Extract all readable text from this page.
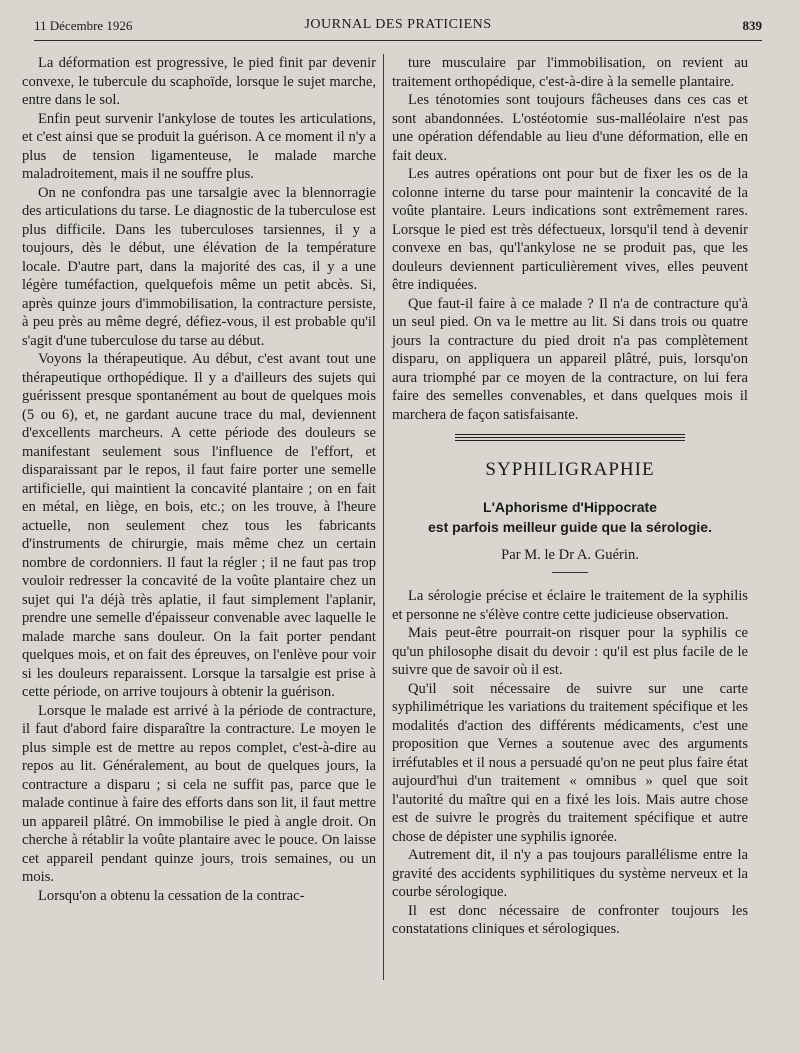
11 Décembre 1926	JOURNAL DES PRATICIENS	839

La déformation est progressive, le pied finit par devenir convexe, le tubercule du scaphoïde, lorsque le sujet marche, entre dans le sol.

Enfin peut survenir l'ankylose de toutes les articulations, et c'est ainsi que se produit la guérison. A ce moment il n'y a plus de tension ligamenteuse, le malade marche maladroitement, mais il ne souffre plus.

On ne confondra pas une tarsalgie avec la blennorragie des articulations du tarse. Le diagnostic de la tuberculose est plus difficile. Dans les tuberculoses tarsiennes, il y a toujours, dès le début, une élévation de la température locale. D'autre part, dans la majorité des cas, il y a une légère tuméfaction, quelquefois même un petit abcès. Si, après quinze jours d'immobilisation, la contracture persiste, à peu près au même degré, défiez-vous, il est probable qu'il s'agit d'une tuberculose du tarse au début.

Voyons la thérapeutique. Au début, c'est avant tout une thérapeutique orthopédique. Il y a d'ailleurs des sujets qui guérissent presque spontanément au bout de quelques mois (5 ou 6), et, ne gardant aucune trace du mal, deviennent d'excellents marcheurs. A cette période des douleurs se manifestant seulement sous l'influence de l'effort, et disparaissant par le repos, il faut faire porter une semelle artificielle, qui maintient la concavité plantaire ; on en fait en métal, en liège, en bois, etc.; on les trouve, à l'heure actuelle, non seulement chez tous les fabricants d'instruments de chirurgie, mais même chez un certain nombre de cordonniers. Il faut la régler ; il ne faut pas trop vouloir redresser la concavité de la voûte plantaire chez un sujet qui l'a déjà très aplatie, il faut simplement l'aplanir, prendre une semelle d'épaisseur convenable avec laquelle le malade marche sans douleur. On la fait porter pendant quelques mois, et on fait des épreuves, on l'enlève pour voir si les douleurs reparaissent. Lorsque la tarsalgie est prise à cette période, on arrive toujours à obtenir la guérison.

Lorsque le malade est arrivé à la période de contracture, il faut d'abord faire disparaître la contracture. Le moyen le plus simple est de mettre au repos complet, c'est-à-dire au repos au lit. Généralement, au bout de quelques jours, la contracture a disparu ; si cela ne suffit pas, parce que le malade continue à faire des efforts dans son lit, il faut mettre un appareil plâtré. On immobilise le pied à angle droit. On cherche à rétablir la voûte plantaire avec le pouce. On laisse cet appareil pendant quinze jours, trois semaines, ou un mois.

Lorsqu'on a obtenu la cessation de la contrac-

ture musculaire par l'immobilisation, on revient au traitement orthopédique, c'est-à-dire à la semelle plantaire.

Les ténotomies sont toujours fâcheuses dans ces cas et sont abandonnées. L'ostéotomie sus-malléolaire n'est pas une opération défendable au lieu d'une déformation, elle en fait deux.

Les autres opérations ont pour but de fixer les os de la colonne interne du tarse pour maintenir la concavité de la voûte plantaire. Leurs indications sont extrêmement rares. Lorsque le pied est très défectueux, lorsqu'il tend à devenir convexe en bas, qu'l'ankylose ne se produit pas, que les douleurs deviennent particulièrement vives, elles peuvent être indiquées.

Que faut-il faire à ce malade ? Il n'a de contracture qu'à un seul pied. On va le mettre au lit. Si dans trois ou quatre jours la contracture du pied droit n'a pas complètement disparu, on appliquera un appareil plâtré, puis, lorsqu'on aura triomphé par ce moyen de la contracture, on lui fera faire des semelles convenables, et dans quelques mois il marchera de façon satisfaisante.

SYPHILIGRAPHIE
L'Aphorisme d'Hippocrate
est parfois meilleur guide que la sérologie.
Par M. le Dr A. Guérin.

La sérologie précise et éclaire le traitement de la syphilis et personne ne s'élève contre cette judicieuse observation.

Mais peut-être pourrait-on risquer pour la syphilis ce qu'un philosophe disait du devoir : qu'il est plus facile de le suivre que de savoir où il est.

Qu'il soit nécessaire de suivre sur une carte syphilimétrique les variations du traitement spécifique et les modalités d'action des différents médicaments, c'est une proposition que Vernes a soutenue avec des arguments irréfutables et il nous a persuadé qu'on ne peut plus faire état aujourd'hui d'un traitement « omnibus » quel que soit l'autorité du maître qui en a fixé les lois. Mais autre chose est de suivre le progrès du traitement spécifique et autre chose de dépister une syphilis ignorée.

Autrement dit, il n'y a pas toujours parallélisme entre la gravité des accidents syphilitiques du système nerveux et la courbe sérologique.

Il est donc nécessaire de confronter toujours les constatations cliniques et sérologiques.
